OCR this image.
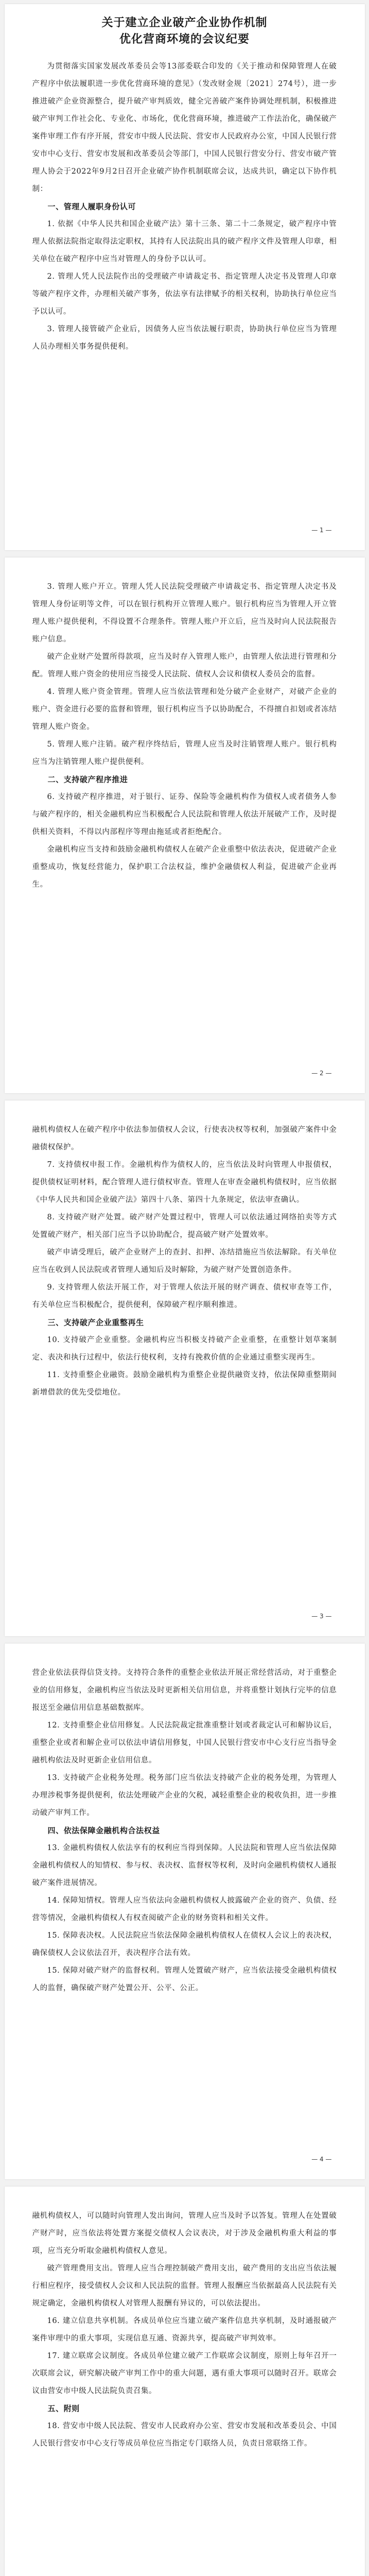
关于建立企业破产企业协作机制
优化营商环境的会议纪要

为贯彻落实国家发展改革委员会等13部委联合印发的《关于推动和保障管理人在破产程序中依法履职进一步优化营商环境的意见》（发改财金规〔2021〕274号），进一步推进破产企业资源整合，提升破产审判质效，健全完善破产案件协调处理机制，积极推进破产审判工作社会化、专业化、市场化，优化营商环境，推进破产工作法治化，确保破产案件审理工作有序开展，营安市中级人民法院、营安市人民政府办公室，中国人民银行营安市中心支行、营安市发展和改革委员会等部门，中国人民银行营安分行、营安市破产管理人协会于2022年9月2日召开企业破产协作机制联席会议，达成共识，确定以下协作机制：

一、管理人履职身份认可

1. 依据《中华人民共和国企业破产法》第十三条、第二十二条规定，破产程序中管理人依据法院指定取得法定职权，其持有人民法院出具的破产程序文件及管理人印章，相关单位在破产程序中应当对管理人的身份予以认可。

2. 管理人凭人民法院作出的受理破产申请裁定书、指定管理人决定书及管理人印章等破产程序文件，办理相关破产事务，依法享有法律赋予的相关权利，协助执行单位应当予以认可。

3. 管理人接管破产企业后，因债务人应当依法履行职责，协助执行单位应当为管理人员办理相关事务提供便利。

— 1 —

3. 管理人账户开立。管理人凭人民法院受理破产申请裁定书、指定管理人决定书及管理人身份证明等文件，可以在银行机构开立管理人账户。银行机构应当为管理人开立管理人账户提供便利，不得设置不合理条件。管理人账户开立后，应当及时向人民法院报告账户信息。

破产企业财产处置所得款项，应当及时存入管理人账户，由管理人依法进行管理和分配。管理人账户资金的使用应当接受人民法院、债权人会议和债权人委员会的监督。

4. 管理人账户资金管理。管理人应当依法管理和处分破产企业财产，对破产企业的账户、资金进行必要的监督和管理，银行机构应当予以协助配合，不得擅自扣划或者冻结管理人账户资金。

5. 管理人账户注销。破产程序终结后，管理人应当及时注销管理人账户。银行机构应当为注销管理人账户提供便利。

二、支持破产程序推进

6. 支持破产程序推进，对于银行、证券、保险等金融机构作为债权人或者债务人参与破产程序的，相关金融机构应当积极配合人民法院和管理人依法开展破产工作，及时提供相关资料，不得以内部程序等理由拖延或者拒绝配合。

金融机构应当支持和鼓励金融机构债权人在破产企业重整中依法表决，促进破产企业重整成功，恢复经营能力，保护职工合法权益，维护金融债权人利益，促进破产企业再生。

— 2 —

融机构债权人在破产程序中依法参加债权人会议，行使表决权等权利，加强破产案件中金融债权保护。

7. 支持债权申报工作。金融机构作为债权人的，应当依法及时向管理人申报债权，提供债权证明材料，配合管理人进行债权审查。管理人在审查金融机构债权时，应当依据《中华人民共和国企业破产法》第四十八条、第四十九条规定，依法审查确认。

8. 支持破产财产处置。破产财产处置过程中，管理人可以依法通过网络拍卖等方式处置破产财产，相关部门应当予以协助配合，提高破产财产处置效率。

破产申请受理后，破产企业财产上的查封、扣押、冻结措施应当依法解除。有关单位应当在收到人民法院或者管理人通知后及时解除，为破产财产处置创造条件。

9. 支持管理人依法开展工作，对于管理人依法开展的财产调查、债权审查等工作，有关单位应当积极配合，提供便利，保障破产程序顺利推进。

三、支持破产企业重整再生

10. 支持破产企业重整。金融机构应当积极支持破产企业重整，在重整计划草案制定、表决和执行过程中，依法行使权利，支持有挽救价值的企业通过重整实现再生。

11. 支持重整企业融资。鼓励金融机构为重整企业提供融资支持，依法保障重整期间新增借款的优先受偿地位。

— 3 —

营企业依法获得信贷支持。支持符合条件的重整企业依法开展正常经营活动，对于重整企业的信用修复，金融机构应当依法及时更新相关信用信息，并将重整计划执行完毕的信息报送至金融信用信息基础数据库。

12. 支持重整企业信用修复。人民法院裁定批准重整计划或者裁定认可和解协议后，重整企业或者和解企业可以依法申请信用修复，中国人民银行营安市中心支行应当指导金融机构依法及时更新企业信用信息。

13. 支持破产企业税务处理。税务部门应当依法支持破产企业的税务处理，为管理人办理涉税事务提供便利，依法处理破产企业的欠税，减轻重整企业的税收负担，进一步推动破产审判工作。

四、依法保障金融机构合法权益

13. 金融机构债权人依法享有的权利应当得到保障。人民法院和管理人应当依法保障金融机构债权人的知情权、参与权、表决权、监督权等权利，及时向金融机构债权人通报破产案件进展情况。

14. 保障知情权。管理人应当依法向金融机构债权人披露破产企业的资产、负债、经营等情况，金融机构债权人有权查阅破产企业的财务资料和相关文件。

15. 保障表决权。人民法院应当依法保障金融机构债权人在债权人会议上的表决权，确保债权人会议依法召开，表决程序合法有效。

15. 保障对破产财产的监督权利。管理人处置破产财产，应当依法接受金融机构债权人的监督，确保破产财产处置公开、公平、公正。

— 4 —

融机构债权人，可以随时向管理人发出询问，管理人应当及时予以答复。管理人在处置破产财产时，应当依法将处置方案提交债权人会议表决，对于涉及金融机构重大利益的事项，应当充分听取金融机构债权人意见。

破产管理费用支出。管理人应当合理控制破产费用支出，破产费用的支出应当依法履行相应程序，接受债权人会议和人民法院的监督。管理人报酬应当依据最高人民法院有关规定确定，金融机构债权人对管理人报酬有异议的，可以依法提出。

16. 建立信息共享机制。各成员单位应当建立破产案件信息共享机制，及时通报破产案件审理中的重大事项，实现信息互通、资源共享，提高破产审判效率。

17. 建立联席会议制度。各成员单位建立破产工作联席会议制度，原则上每年召开一次联席会议，研究解决破产审判工作中的重大问题，遇有重大事项可以随时召开。联席会议由营安市中级人民法院负责召集。

五、附则

18. 营安市中级人民法院、营安市人民政府办公室、营安市发展和改革委员会、中国人民银行营安市中心支行等成员单位应当指定专门联络人员，负责日常联络工作。
